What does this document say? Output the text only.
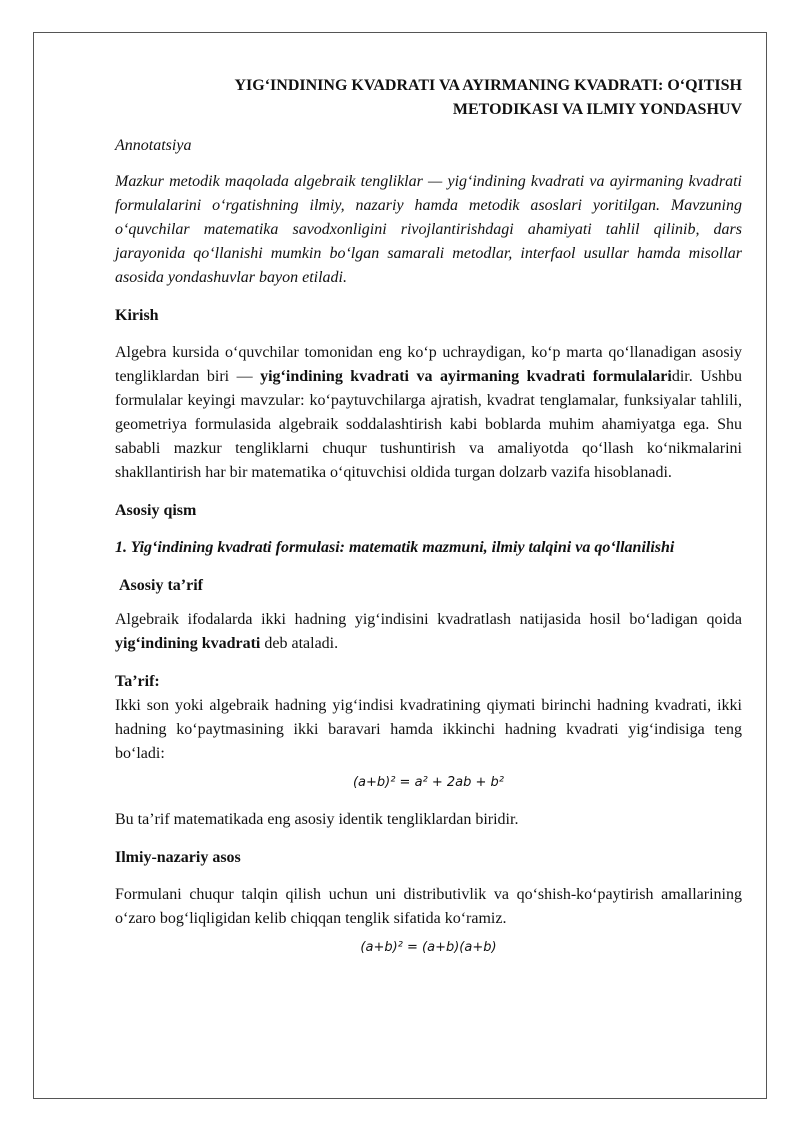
YIG‘INDINING KVADRATI VA AYIRMANING KVADRATI: O‘QITISH
METODIKASI VA ILMIY YONDASHUV

Annotatsiya

Mazkur metodik maqolada algebraik tengliklar — yig‘indining kvadrati va ayirmaning kvadrati formulalarini o‘rgatishning ilmiy, nazariy hamda metodik asoslari yoritilgan. Mavzuning o‘quvchilar matematika savodxonligini rivojlantirishdagi ahamiyati tahlil qilinib, dars jarayonida qo‘llanishi mumkin bo‘lgan samarali metodlar, interfaol usullar hamda misollar asosida yondashuvlar bayon etiladi.

Kirish

Algebra kursida o‘quvchilar tomonidan eng ko‘p uchraydigan, ko‘p marta qo‘llanadigan asosiy tengliklardan biri — yig‘indining kvadrati va ayirmaning kvadrati formulalaridir. Ushbu formulalar keyingi mavzular: ko‘paytuvchilarga ajratish, kvadrat tenglamalar, funksiyalar tahlili, geometriya formulasida algebraik soddalashtirish kabi boblarda muhim ahamiyatga ega. Shu sababli mazkur tengliklarni chuqur tushuntirish va amaliyotda qo‘llash ko‘nikmalarini shakllantirish har bir matematika o‘qituvchisi oldida turgan dolzarb vazifa hisoblanadi.

Asosiy qism

1. Yig‘indining kvadrati formulasi: matematik mazmuni, ilmiy talqini va qo‘llanilishi

Asosiy ta’rif

Algebraik ifodalarda ikki hadning yig‘indisini kvadratlash natijasida hosil bo‘ladigan qoida yig‘indining kvadrati deb ataladi.

Ta’rif:

Ikki son yoki algebraik hadning yig‘indisi kvadratining qiymati birinchi hadning kvadrati, ikki hadning ko‘paytmasining ikki baravari hamda ikkinchi hadning kvadrati yig‘indisiga teng bo‘ladi:

(a+b)² = a² + 2ab + b²

Bu ta’rif matematikada eng asosiy identik tengliklardan biridir.

Ilmiy-nazariy asos

Formulani chuqur talqin qilish uchun uni distributivlik va qo‘shish-ko‘paytirish amallarining o‘zaro bog‘liqligidan kelib chiqqan tenglik sifatida ko‘ramiz.

(a+b)² = (a+b)(a+b)
